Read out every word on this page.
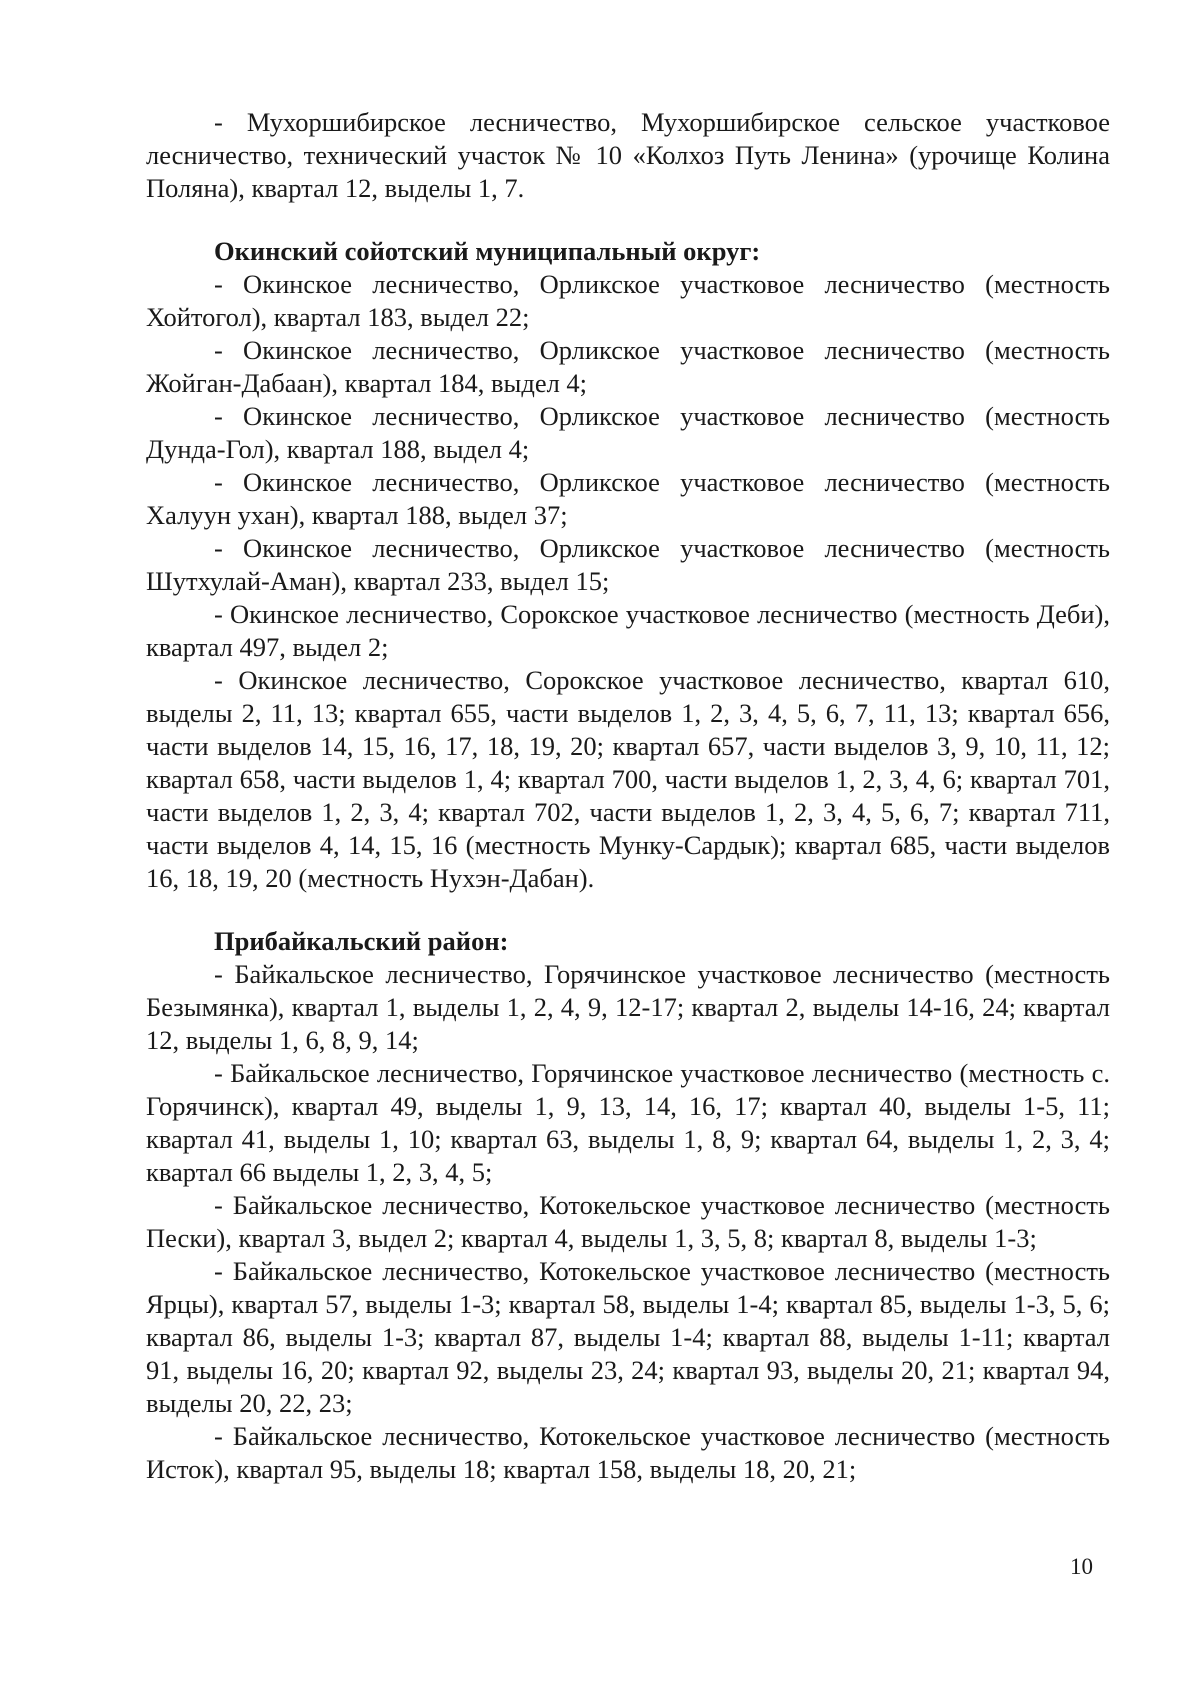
- Мухоршибирское лесничество, Мухоршибирское сельское участковое лесничество, технический участок № 10 «Колхоз Путь Ленина» (урочище Колина Поляна), квартал 12, выделы 1, 7.

Окинский сойотский муниципальный округ:

- Окинское лесничество, Орликское участковое лесничество (местность Хойтогол), квартал 183, выдел 22;

- Окинское лесничество, Орликское участковое лесничество (местность Жойган-Дабаан), квартал 184, выдел 4;

- Окинское лесничество, Орликское участковое лесничество (местность Дунда-Гол), квартал 188, выдел 4;

- Окинское лесничество, Орликское участковое лесничество (местность Халуун ухан), квартал 188, выдел 37;

- Окинское лесничество, Орликское участковое лесничество (местность Шутхулай-Аман), квартал 233, выдел 15;

- Окинское лесничество, Сорокское участковое лесничество (местность Деби), квартал 497, выдел 2;

- Окинское лесничество, Сорокское участковое лесничество, квартал 610, выделы 2, 11, 13; квартал 655, части выделов 1, 2, 3, 4, 5, 6, 7, 11, 13; квартал 656, части выделов 14, 15, 16, 17, 18, 19, 20; квартал 657, части выделов 3, 9, 10, 11, 12; квартал 658, части выделов 1, 4; квартал 700, части выделов 1, 2, 3, 4, 6; квартал 701, части выделов 1, 2, 3, 4; квартал 702, части выделов 1, 2, 3, 4, 5, 6, 7; квартал 711, части выделов 4, 14, 15, 16 (местность Мунку-Сардык); квартал 685, части выделов 16, 18, 19, 20 (местность Нухэн-Дабан).

Прибайкальский район:

- Байкальское лесничество, Горячинское участковое лесничество (местность Безымянка), квартал 1, выделы 1, 2, 4, 9, 12-17; квартал 2, выделы 14-16, 24; квартал 12, выделы 1, 6, 8, 9, 14;

- Байкальское лесничество, Горячинское участковое лесничество (местность с. Горячинск), квартал 49, выделы 1, 9, 13, 14, 16, 17; квартал 40, выделы 1-5, 11; квартал 41, выделы 1, 10; квартал 63, выделы 1, 8, 9; квартал 64, выделы 1, 2, 3, 4; квартал 66 выделы 1, 2, 3, 4, 5;

- Байкальское лесничество, Котокельское участковое лесничество (местность Пески), квартал 3, выдел 2; квартал 4, выделы 1, 3, 5, 8; квартал 8, выделы 1-3;

- Байкальское лесничество, Котокельское участковое лесничество (местность Ярцы), квартал 57, выделы 1-3; квартал 58, выделы 1-4; квартал 85, выделы 1-3, 5, 6; квартал 86, выделы 1-3; квартал 87, выделы 1-4; квартал 88, выделы 1-11; квартал 91, выделы 16, 20; квартал 92, выделы 23, 24; квартал 93, выделы 20, 21; квартал 94, выделы 20, 22, 23;

- Байкальское лесничество, Котокельское участковое лесничество (местность Исток), квартал 95, выделы 18; квартал 158, выделы 18, 20, 21;

10
